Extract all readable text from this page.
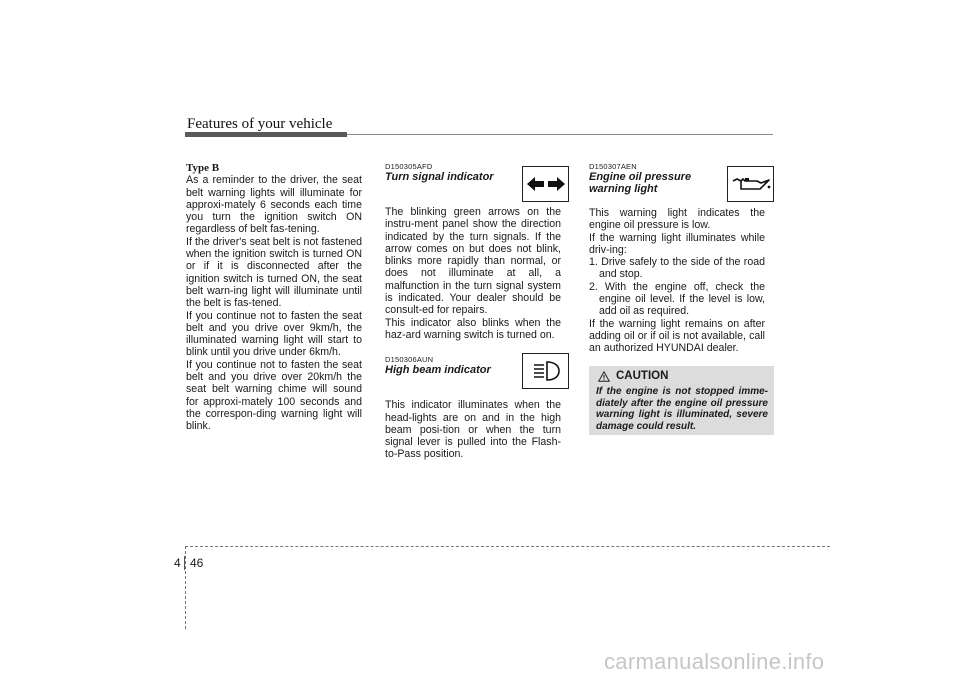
Features of your vehicle

Type B

As a reminder to the driver, the seat belt warning lights will illuminate for approxi-mately 6 seconds each time you turn the ignition switch ON regardless of belt fas-tening.

If the driver's seat belt is not fastened when the ignition switch is turned ON or if it is disconnected after the ignition switch is turned ON, the seat belt warn-ing light will illuminate until the belt is fas-tened.

If you continue not to fasten the seat belt and you drive over 9km/h, the illuminated warning light will start to blink until you drive under 6km/h.

If you continue not to fasten the seat belt and you drive over 20km/h the seat belt warning chime will sound for approxi-mately 100 seconds and the correspon-ding warning light will blink.

D150305AFD

Turn signal indicator

The blinking green arrows on the instru-ment panel show the direction indicated by the turn signals. If the arrow comes on but does not blink, blinks more rapidly than normal, or does not illuminate at all, a malfunction in the turn signal system is indicated. Your dealer should be consult-ed for repairs.

This indicator also blinks when the haz-ard warning switch is turned on.

D150306AUN

High beam indicator

This indicator illuminates when the head-lights are on and in the high beam posi-tion or when the turn signal lever is pulled into the Flash-to-Pass position.

D150307AEN

Engine oil pressure
warning light

This warning light indicates the engine oil pressure is low.

If the warning light illuminates while driv-ing:

1. Drive safely to the side of the road and stop.
2. With the engine off, check the engine oil level. If the level is low, add oil as required.

If the warning light remains on after adding oil or if oil is not available, call an authorized HYUNDAI dealer.

CAUTION
If the engine is not stopped imme-diately after the engine oil pressure warning light is illuminated, severe damage could result.
4 46
carmanualsonline.info
